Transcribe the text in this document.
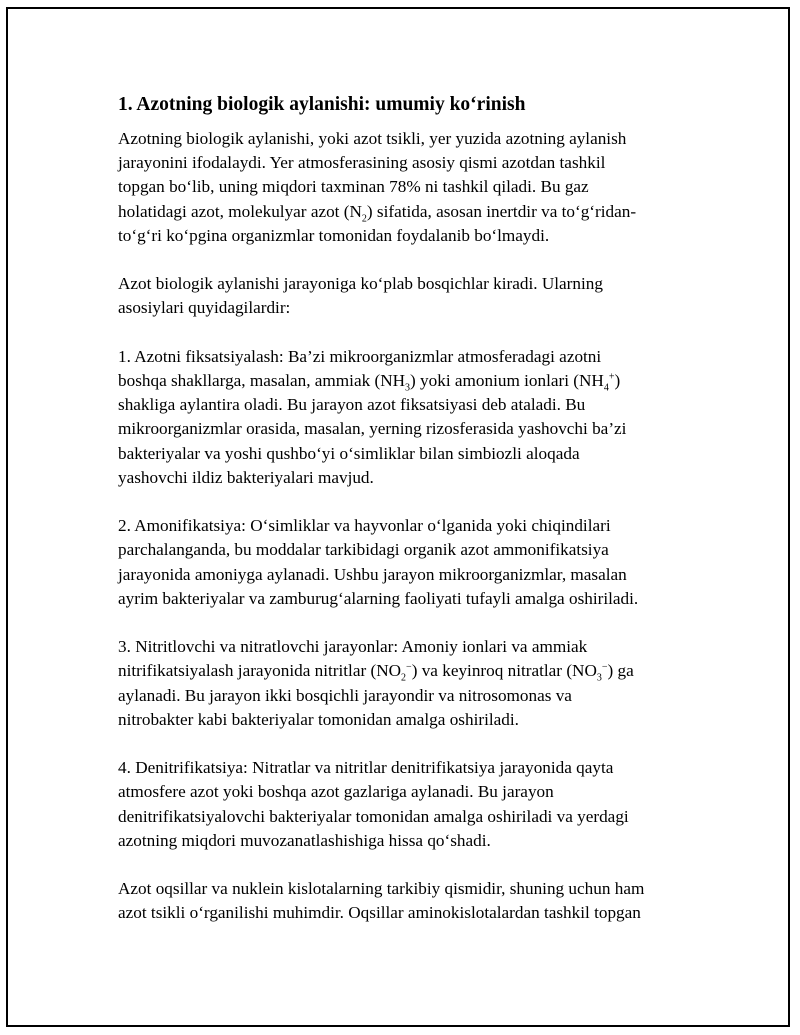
1. Azotning biologik aylanishi: umumiy ko‘rinish
Azotning biologik aylanishi, yoki azot tsikli, yer yuzida azotning aylanish
jarayonini ifodalaydi. Yer atmosferasining asosiy qismi azotdan tashkil
topgan bo‘lib, uning miqdori taxminan 78% ni tashkil qiladi. Bu gaz
holatidagi azot, molekulyar azot $(N_2)$ sifatida, asosan inertdir va to‘g‘ridan-
to‘g‘ri ko‘pgina organizmlar tomonidan foydalanib bo‘lmaydi.
Azot biologik aylanishi jarayoniga ko‘plab bosqichlar kiradi. Ularning
asosiylari quyidagilardir:
1. Azotni fiksatsiyalash: Ba’zi mikroorganizmlar atmosferadagi azotni
boshqa shakllarga, masalan, ammiak $(NH_3)$ yoki amonium ionlari $(NH_4^+)$
shakliga aylantira oladi. Bu jarayon azot fiksatsiyasi deb ataladi. Bu
mikroorganizmlar orasida, masalan, yerning rizosferasida yashovchi ba’zi
bakteriyalar va yoshi qushbo‘yi o‘simliklar bilan simbiozli aloqada
yashovchi ildiz bakteriyalari mavjud.
2. Amonifikatsiya: O‘simliklar va hayvonlar o‘lganida yoki chiqindilari
parchalanganda, bu moddalar tarkibidagi organik azot ammonifikatsiya
jarayonida amoniyga aylanadi. Ushbu jarayon mikroorganizmlar, masalan
ayrim bakteriyalar va zamburug‘alarning faoliyati tufayli amalga oshiriladi.
3. Nitritlovchi va nitratlovchi jarayonlar: Amoniy ionlari va ammiak
nitrifikatsiyalash jarayonida nitritlar $(NO_2^-)$ va keyinroq nitratlar $(NO_3^-)$ ga
aylanadi. Bu jarayon ikki bosqichli jarayondir va nitrosomonas va
nitrobakter kabi bakteriyalar tomonidan amalga oshiriladi.
4. Denitrifikatsiya: Nitratlar va nitritlar denitrifikatsiya jarayonida qayta
atmosfere azot yoki boshqa azot gazlariga aylanadi. Bu jarayon
denitrifikatsiyalovchi bakteriyalar tomonidan amalga oshiriladi va yerdagi
azotning miqdori muvozanatlashishiga hissa qo‘shadi.
Azot oqsillar va nuklein kislotalarning tarkibiy qismidir, shuning uchun ham
azot tsikli o‘rganilishi muhimdir. Oqsillar aminokislotalardan tashkil topgan
